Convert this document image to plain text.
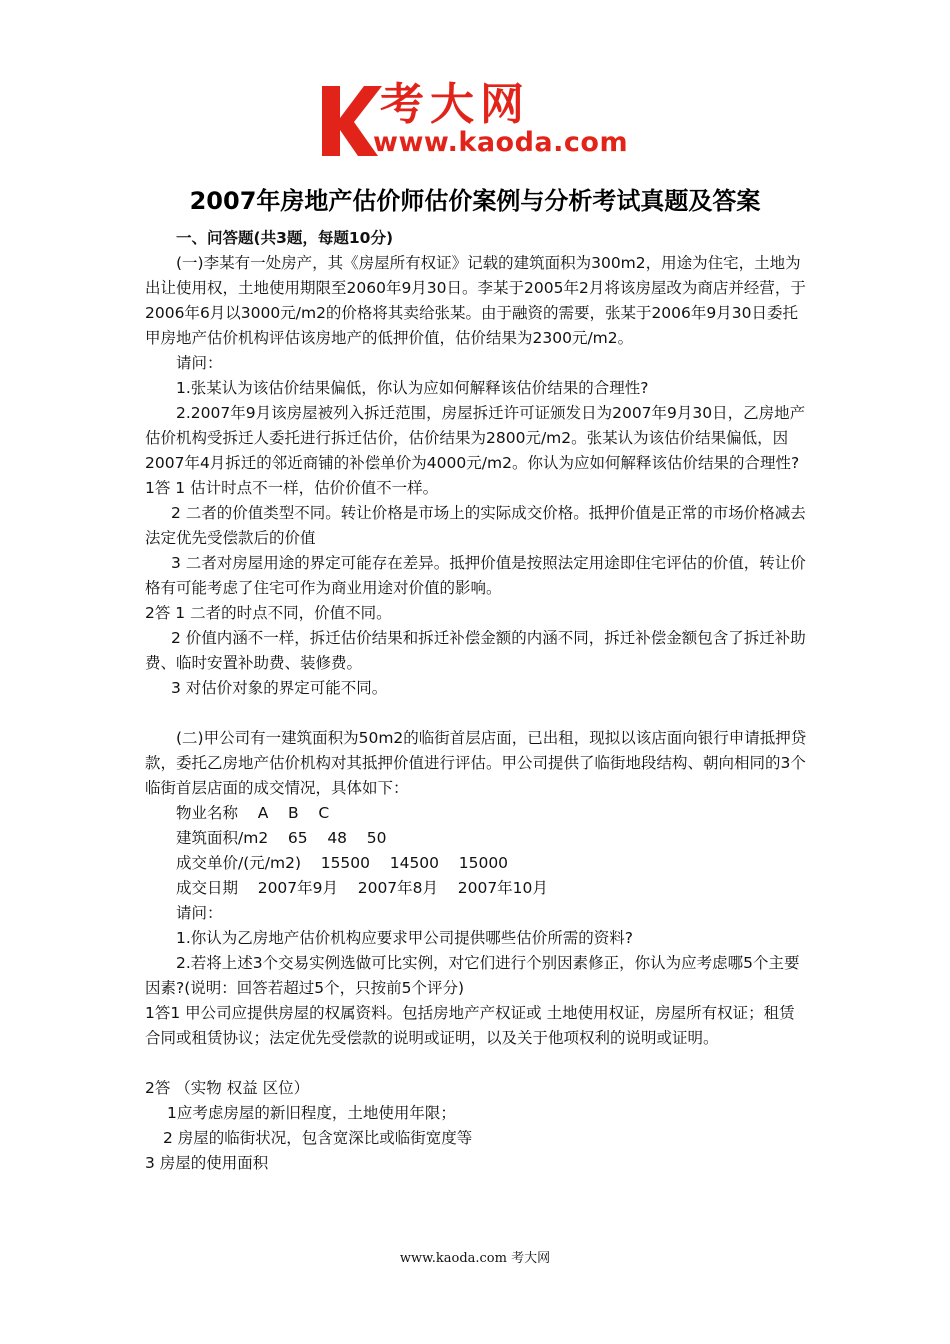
考大网
www.kaoda.com
2007年房地产估价师估价案例与分析考试真题及答案

一、问答题(共3题，每题10分)

(一)李某有一处房产，其《房屋所有权证》记载的建筑面积为300m2，用途为住宅，土地为出让使用权，土地使用期限至2060年9月30日。李某于2005年2月将该房屋改为商店并经营，于2006年6月以3000元/m2的价格将其卖给张某。由于融资的需要，张某于2006年9月30日委托甲房地产估价机构评估该房地产的低押价值，估价结果为2300元/m2。

请问：

1.张某认为该估价结果偏低，你认为应如何解释该估价结果的合理性?

2.2007年9月该房屋被列入拆迁范围，房屋拆迁许可证颁发日为2007年9月30日，乙房地产估价机构受拆迁人委托进行拆迁估价，估价结果为2800元/m2。张某认为该估价结果偏低，因2007年4月拆迁的邻近商铺的补偿单价为4000元/m2。你认为应如何解释该估价结果的合理性?

1答 1 估计时点不一样，估价价值不一样。

2 二者的价值类型不同。转让价格是市场上的实际成交价格。抵押价值是正常的市场价格减去法定优先受偿款后的价值

3 二者对房屋用途的界定可能存在差异。抵押价值是按照法定用途即住宅评估的价值，转让价格有可能考虑了住宅可作为商业用途对价值的影响。

2答 1 二者的时点不同，价值不同。

2 价值内涵不一样，拆迁估价结果和拆迁补偿金额的内涵不同，拆迁补偿金额包含了拆迁补助费、临时安置补助费、装修费。

3 对估价对象的界定可能不同。

(二)甲公司有一建筑面积为50m2的临街首层店面，已出租，现拟以该店面向银行申请抵押贷款，委托乙房地产估价机构对其抵押价值进行评估。甲公司提供了临街地段结构、朝向相同的3个临街首层店面的成交情况，具体如下：

物业名称    A    B    C

建筑面积/m2    65    48    50

成交单价/(元/m2)    15500    14500    15000

成交日期    2007年9月    2007年8月    2007年10月

请问：

1.你认为乙房地产估价机构应要求甲公司提供哪些估价所需的资料?

2.若将上述3个交易实例选做可比实例，对它们进行个别因素修正，你认为应考虑哪5个主要因素?(说明：回答若超过5个，只按前5个评分)

1答1 甲公司应提供房屋的权属资料。包括房地产产权证或 土地使用权证，房屋所有权证；租赁合同或租赁协议；法定优先受偿款的说明或证明，以及关于他项权利的说明或证明。

2答 （实物 权益 区位）

1应考虑房屋的新旧程度，土地使用年限；

2 房屋的临街状况，包含宽深比或临街宽度等

3 房屋的使用面积

www.kaoda.com 考大网
